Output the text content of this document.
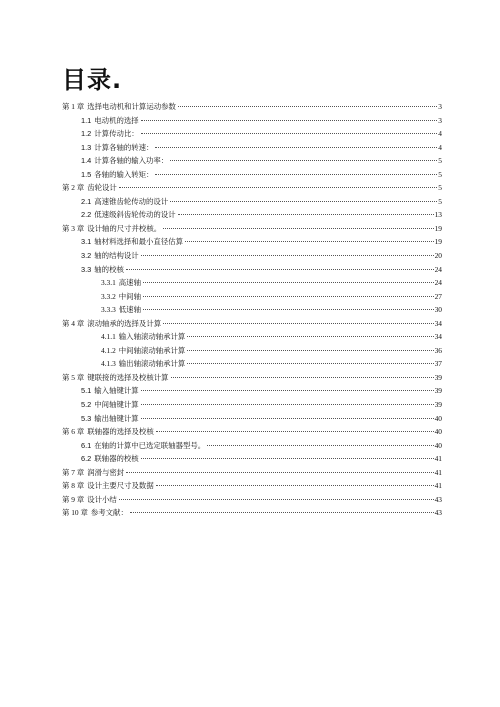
目录.
第 1 章 选择电动机和计算运动参数	3
1.1 电动机的选择	3
1.2 计算传动比：	4
1.3 计算各轴的转速：	4
1.4 计算各轴的输入功率：	5
1.5 各轴的输入转矩：	5
第 2 章 齿轮设计	5
2.1 高速锥齿轮传动的设计	5
2.2 低速级斜齿轮传动的设计	13
第 3 章 设计轴的尺寸并校核。	19
3.1 轴材料选择和最小直径估算	19
3.2 轴的结构设计	20
3.3 轴的校核	24
3.3.1 高速轴	24
3.3.2 中间轴	27
3.3.3 低速轴	30
第 4 章 滚动轴承的选择及计算	34
4.1.1 输入轴滚动轴承计算	34
4.1.2 中间轴滚动轴承计算	36
4.1.3 输出轴滚动轴承计算	37
第 5 章 键联接的选择及校核计算	39
5.1 输入轴键计算	39
5.2 中间轴键计算	39
5.3 输出轴键计算	40
第 6 章 联轴器的选择及校核	40
6.1 在轴的计算中已选定联轴器型号。	40
6.2 联轴器的校核	41
第 7 章 润滑与密封	41
第 8 章 设计主要尺寸及数据	41
第 9 章 设计小结	43
第 10 章 参考文献：	43
